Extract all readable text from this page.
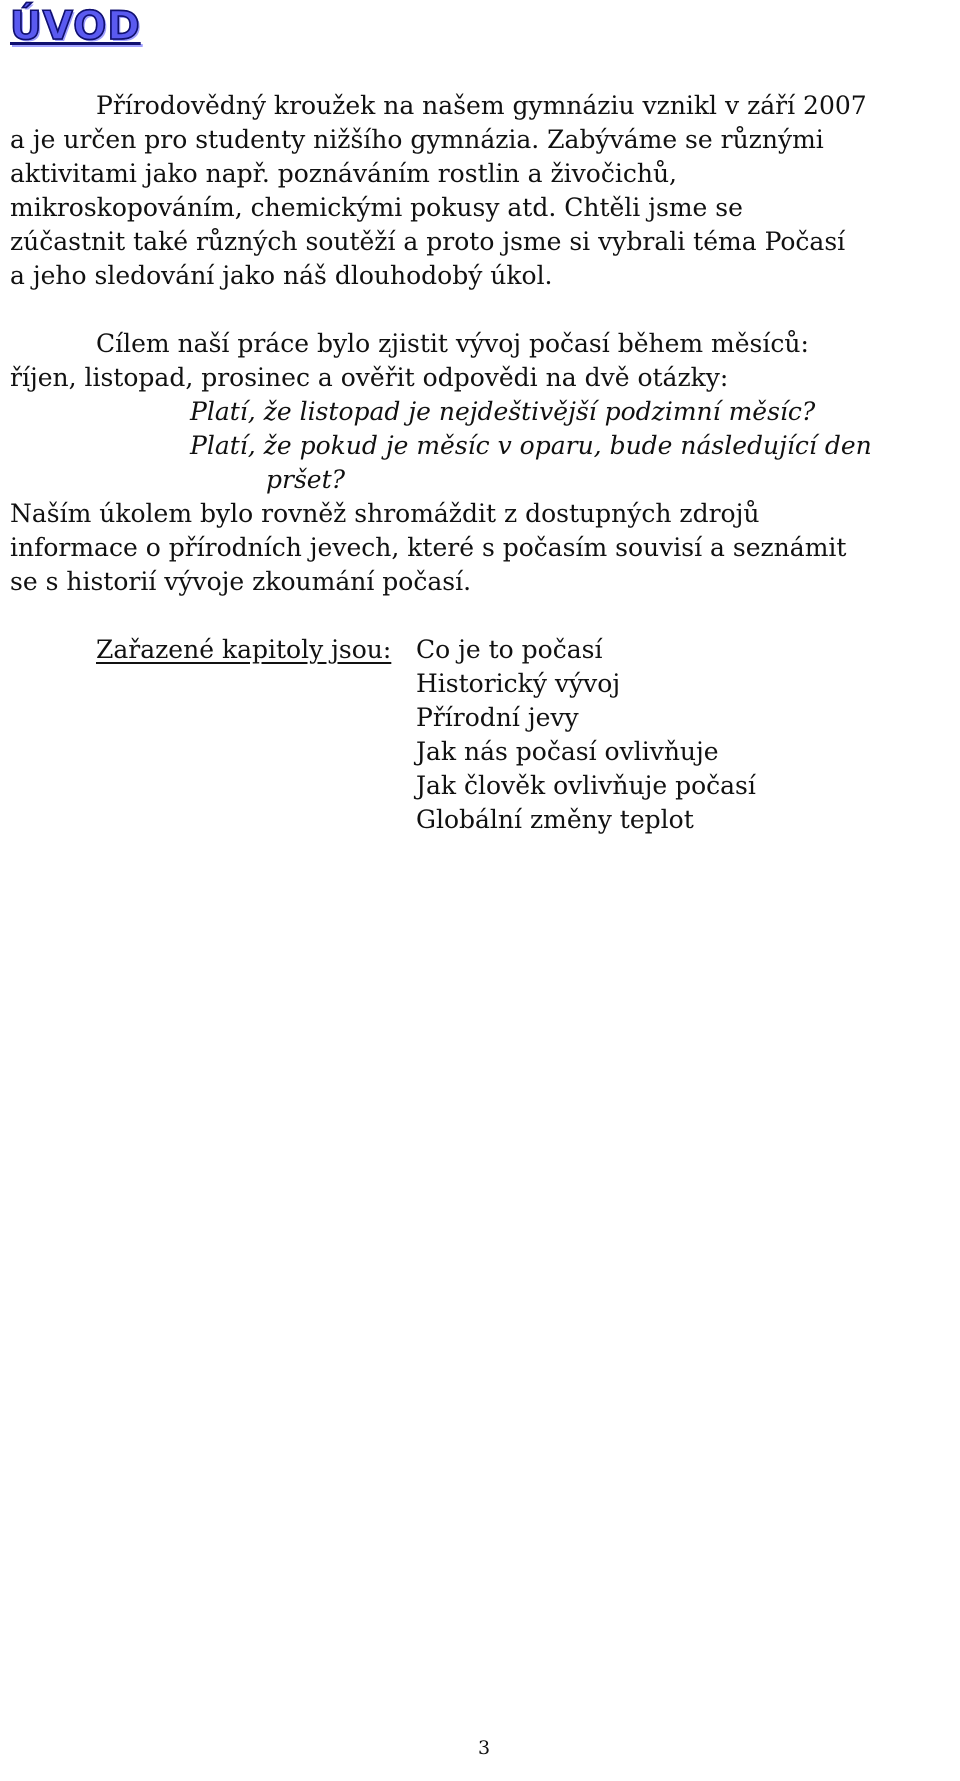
ÚVOD
Přírodovědný kroužek na našem gymnáziu vznikl v září 2007
a je určen pro studenty nižšího gymnázia. Zabýváme se různými
aktivitami jako např. poznáváním rostlin a živočichů,
mikroskopováním, chemickými pokusy atd. Chtěli jsme se
zúčastnit také různých soutěží a proto jsme si vybrali téma Počasí
a jeho sledování jako náš dlouhodobý úkol.
Cílem naší práce bylo zjistit vývoj počasí během měsíců:
říjen, listopad, prosinec a ověřit odpovědi na dvě otázky:
Platí, že listopad je nejdeštivější podzimní měsíc?
Platí, že pokud je měsíc v oparu, bude následující den
pršet?
Naším úkolem bylo rovněž shromáždit z dostupných zdrojů
informace o přírodních jevech, které s počasím souvisí a seznámit
se s historií vývoje zkoumání počasí.
Zařazené kapitoly jsou: Co je to počasí
Historický vývoj
Přírodní jevy
Jak nás počasí ovlivňuje
Jak člověk ovlivňuje počasí
Globální změny teplot
3
